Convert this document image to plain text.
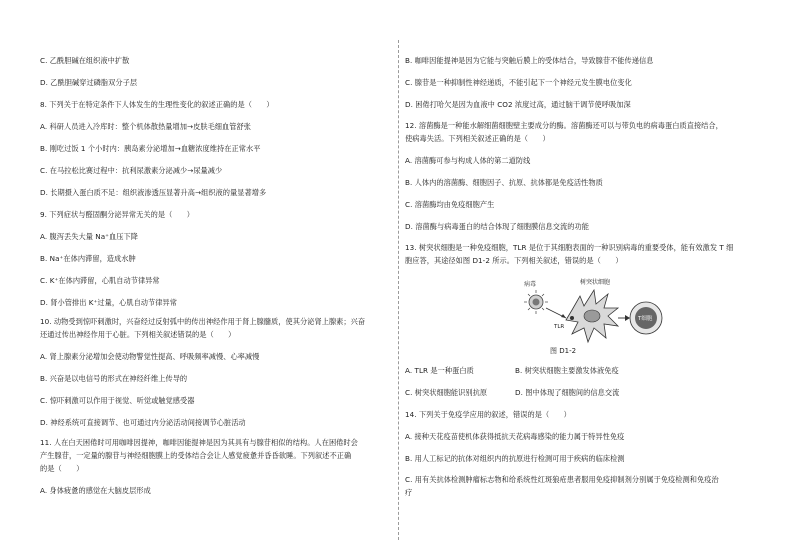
C. 乙酰胆碱在组织液中扩散
D. 乙酰胆碱穿过磷脂双分子层
8. 下列关于在特定条件下人体发生的生理性变化的叙述正确的是（　　）
A. 科研人员进入冷库时：整个机体散热量增加→皮肤毛细血管舒张
B. 刚吃过饭 1 个小时内：胰岛素分泌增加→血糖浓度维持在正常水平
C. 在马拉松比赛过程中：抗利尿激素分泌减少→尿量减少
D. 长期摄入蛋白质不足：组织液渗透压显著升高→组织液的量显著增多
9. 下列症状与醛固酮分泌异常无关的是（　　）
A. 腹泻丢失大量 Na⁺血压下降
B. Na⁺在体内滞留，造成水肿
C. K⁺在体内滞留，心肌自动节律异常
D. 肾小管排出 K⁺过量，心肌自动节律异常
10. 动物受到惊吓刺激时，兴奋经过反射弧中的传出神经作用于肾上腺髓质，使其分泌肾上腺素；兴奋
还通过传出神经作用于心脏。下列相关叙述错误的是（　　）
A. 肾上腺素分泌增加会使动物警觉性提高、呼吸频率减慢、心率减慢
B. 兴奋是以电信号的形式在神经纤维上传导的
C. 惊吓刺激可以作用于视觉、听觉或触觉感受器
D. 神经系统可直接调节、也可通过内分泌活动间接调节心脏活动
11. 人在白天困倦时可用咖啡因提神，咖啡因能提神是因为其具有与腺苷相似的结构。人在困倦时会
产生腺苷，一定量的腺苷与神经细胞膜上的受体结合会让人感觉疲惫并昏昏欲睡。下列叙述不正确
的是（　　）
A. 身体疲惫的感觉在大脑皮层形成
B. 咖啡因能提神是因为它能与突触后膜上的受体结合，导致腺苷不能传递信息
C. 腺苷是一种抑制性神经递质，不能引起下一个神经元发生膜电位变化
D. 困倦打哈欠是因为血液中 CO2 浓度过高，通过脑干调节使呼吸加深
12. 溶菌酶是一种能水解细菌细胞壁主要成分的酶。溶菌酶还可以与带负电的病毒蛋白质直接结合，
使病毒失活。下列相关叙述正确的是（　　）
A. 溶菌酶可参与构成人体的第二道防线
B. 人体内的溶菌酶、细胞因子、抗原、抗体都是免疫活性物质
C. 溶菌酶均由免疫细胞产生
D. 溶菌酶与病毒蛋白的结合体现了细胞膜信息交流的功能
13. 树突状细胞是一种免疫细胞，TLR 是位于其细胞表面的一种识别病毒的重要受体，能有效激发 T 细
胞应答，其途径如图 D1-2 所示。下列相关叙述，错误的是（　　）
病毒	树突状细胞
TLR
T细胞
图 D1-2
A. TLR 是一种蛋白质	B. 树突状细胞主要激发体液免疫
C. 树突状细胞能识别抗原	D. 图中体现了细胞间的信息交流
14. 下列关于免疫学应用的叙述，错误的是（　　）
A. 接种天花疫苗使机体获得抵抗天花病毒感染的能力属于特异性免疫
B. 用人工标记的抗体对组织内的抗原进行检测可用于疾病的临床检测
C. 用有关抗体检测肿瘤标志物和给系统性红斑狼疮患者服用免疫抑制剂分别属于免疫检测和免疫治
疗
